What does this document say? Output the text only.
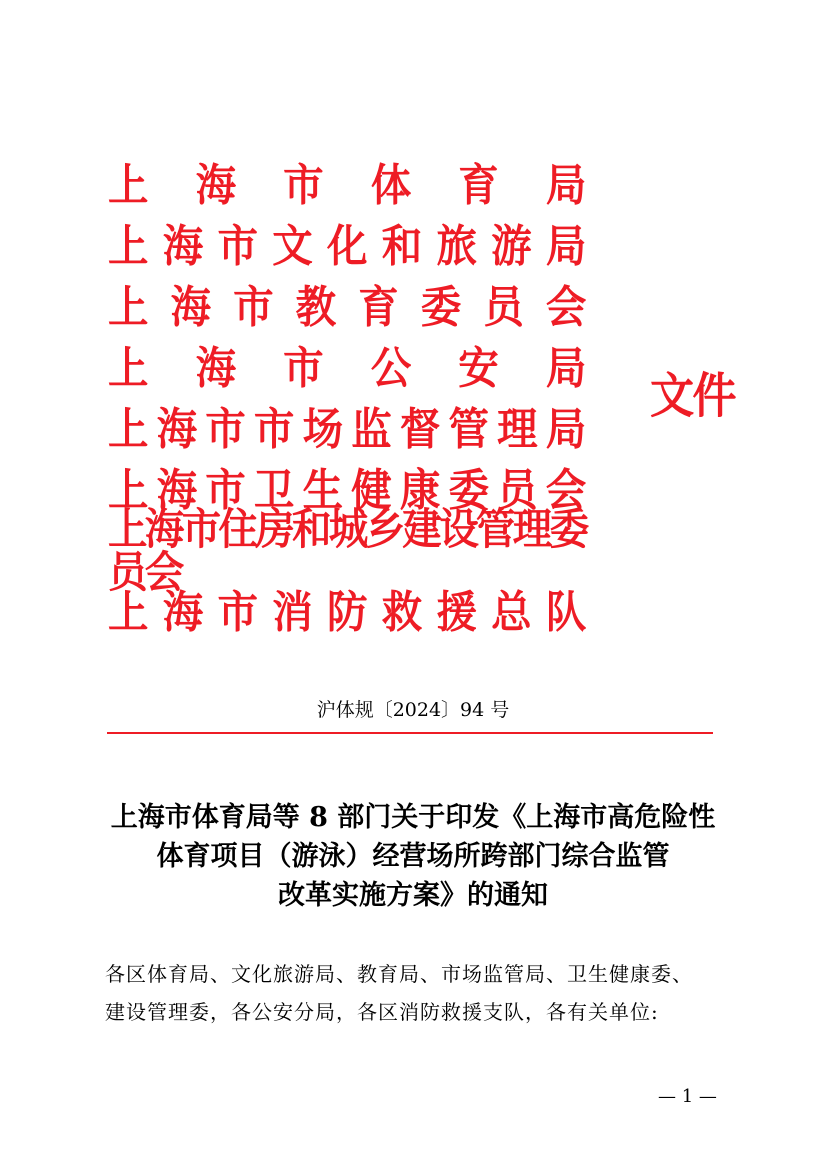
上 海 市 体 育 局
上 海 市 文 化 和 旅 游 局
上 海 市 教 育 委 员 会
上 海 市 公 安 局
上 海 市 市 场 监 督 管 理 局
上 海 市 卫 生 健 康 委 员 会
上海市住房和城乡建设管理委员会
上 海 市 消 防 救 援 总 队
文件
沪体规〔2024〕94 号
上海市体育局等 8 部门关于印发《上海市高危险性
体育项目（游泳）经营场所跨部门综合监管
改革实施方案》的通知
各区体育局、文化旅游局、教育局、市场监管局、卫生健康委、
建设管理委，各公安分局，各区消防救援支队，各有关单位:
— 1 —
